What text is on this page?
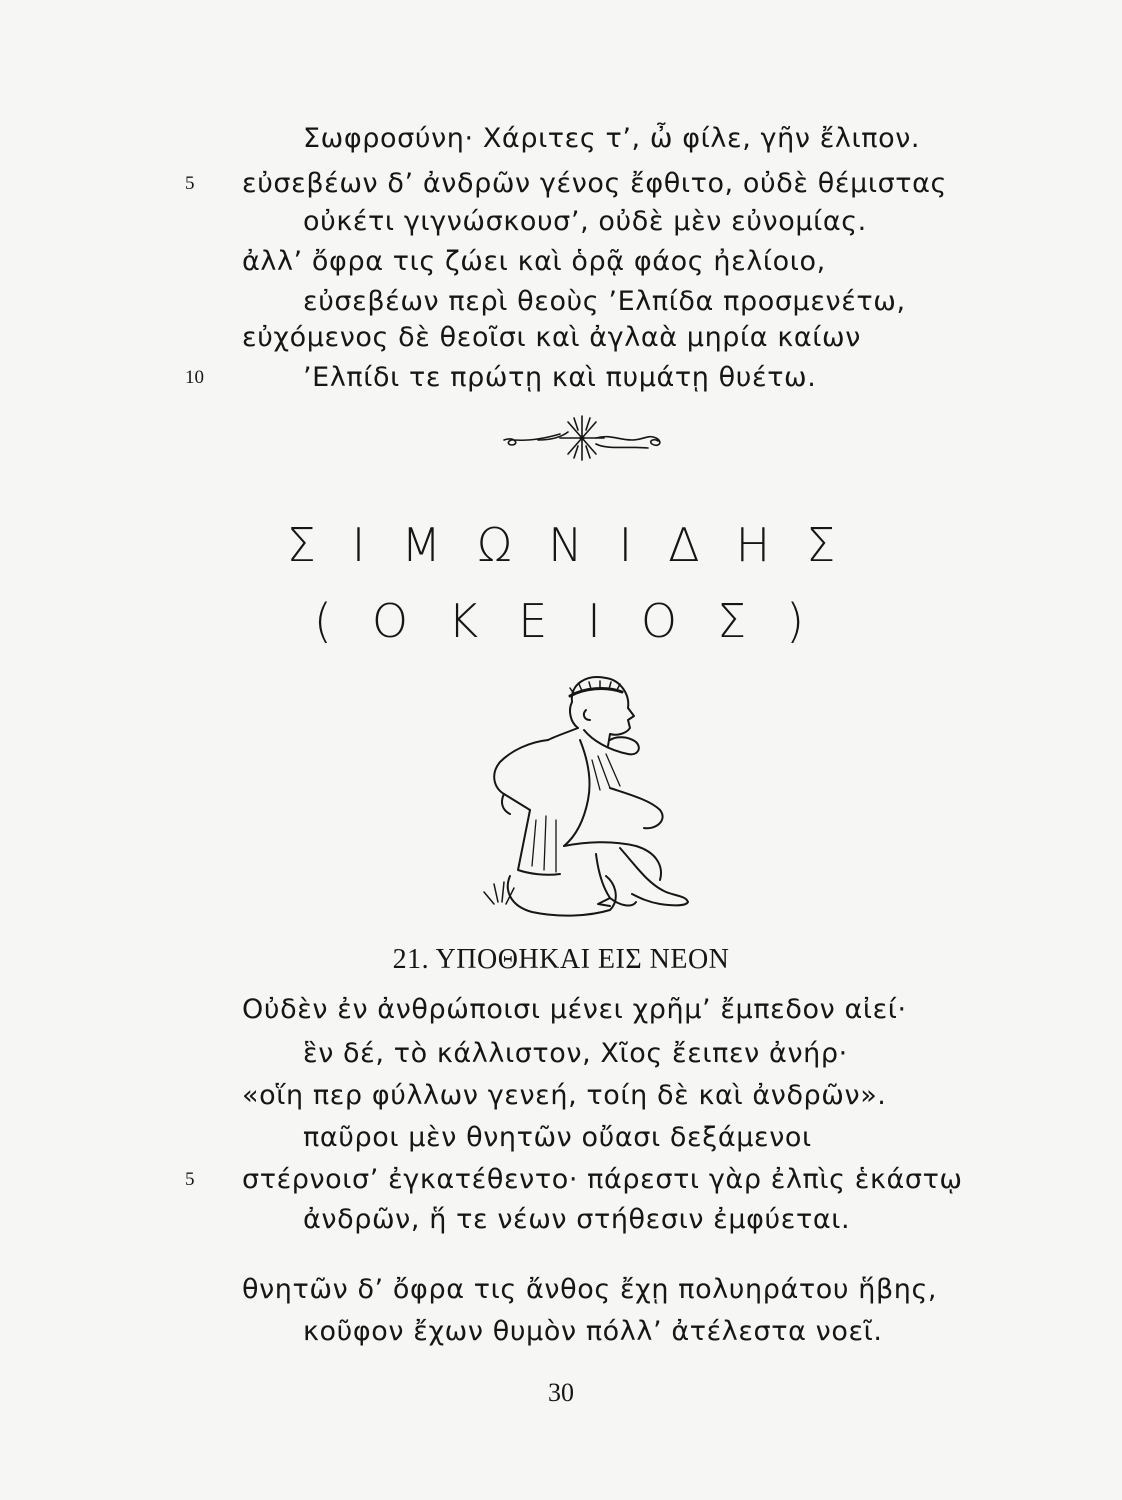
Σωφροσύνη· Χάριτες τ’, ὦ φίλε, γῆν ἔλιπον.
5	εὐσεβέων δ’ ἀνδρῶν γένος ἔφθιτο, οὐδὲ θέμιστας
οὐκέτι γιγνώσκουσ’, οὐδὲ μὲν εὐνομίας.
ἀλλ’ ὄφρα τις ζώει καὶ ὁρᾷ φάος ἠελίοιο,
εὐσεβέων περὶ θεοὺς ’Ελπίδα προσμενέτω,
εὐχόμενος δὲ θεοῖσι καὶ ἀγλαὰ μηρία καίων
10	’Ελπίδι τε πρώτῃ καὶ πυμάτῃ θυέτω.
ΣΙΜΩΝΙΔΗΣ
(ΟΚΕΙΟΣ)
21. ΥΠΟΘΗΚΑΙ ΕΙΣ ΝΕΟΝ
Οὐδὲν ἐν ἀνθρώποισι μένει χρῆμ’ ἔμπεδον αἰεί·
ἓν δέ, τὸ κάλλιστον, Χῖος ἔειπεν ἀνήρ·
«οἵη περ φύλλων γενεή, τοίη δὲ καὶ ἀνδρῶν».
παῦροι μὲν θνητῶν οὔασι δεξάμενοι
5	στέρνοισ’ ἐγκατέθεντο· πάρεστι γὰρ ἐλπὶς ἑκάστῳ
ἀνδρῶν, ἥ τε νέων στήθεσιν ἐμφύεται.
θνητῶν δ’ ὄφρα τις ἄνθος ἔχῃ πολυηράτου ἥβης,
κοῦφον ἔχων θυμὸν πόλλ’ ἀτέλεστα νοεῖ.
30
